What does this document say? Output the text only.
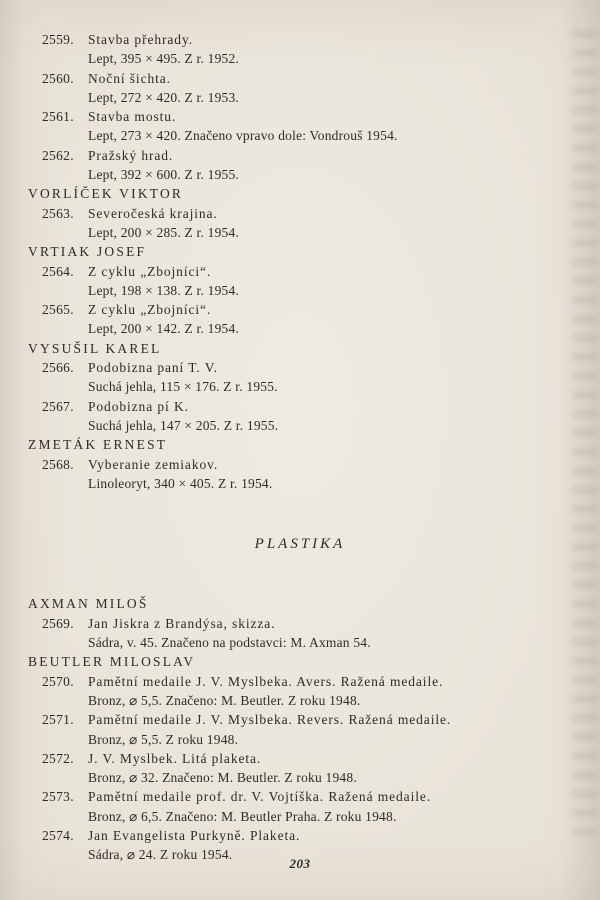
2559. Stavba přehrady.
Lept, 395 × 495. Z r. 1952.
2560. Noční šichta.
Lept, 272 × 420. Z r. 1953.
2561. Stavba mostu.
Lept, 273 × 420. Značeno vpravo dole: Vondrouš 1954.
2562. Pražský hrad.
Lept, 392 × 600. Z r. 1955.
VORLÍČEK VIKTOR
2563. Severočeská krajina.
Lept, 200 × 285. Z r. 1954.
VRTIAK JOSEF
2564. Z cyklu „Zbojníci“.
Lept, 198 × 138. Z r. 1954.
2565. Z cyklu „Zbojníci“.
Lept, 200 × 142. Z r. 1954.
VYSUŠIL KAREL
2566. Podobizna paní T. V.
Suchá jehla, 115 × 176. Z r. 1955.
2567. Podobizna pí K.
Suchá jehla, 147 × 205. Z r. 1955.
ZMETÁK ERNEST
2568. Vyberanie zemiakov.
Linoleoryt, 340 × 405. Z r. 1954.
PLASTIKA
AXMAN MILOŠ
2569. Jan Jiskra z Brandýsa, skizza.
Sádra, v. 45. Značeno na podstavci: M. Axman 54.
BEUTLER MILOSLAV
2570. Pamětní medaile J. V. Myslbeka. Avers. Ražená medaile.
Bronz, ⌀ 5,5. Značeno: M. Beutler. Z roku 1948.
2571. Pamětní medaile J. V. Myslbeka. Revers. Ražená medaile.
Bronz, ⌀ 5,5. Z roku 1948.
2572. J. V. Myslbek. Litá plaketa.
Bronz, ⌀ 32. Značeno: M. Beutler. Z roku 1948.
2573. Pamětní medaile prof. dr. V. Vojtíška. Ražená medaile.
Bronz, ⌀ 6,5. Značeno: M. Beutler Praha. Z roku 1948.
2574. Jan Evangelista Purkyně. Plaketa.
Sádra, ⌀ 24. Z roku 1954.
203
